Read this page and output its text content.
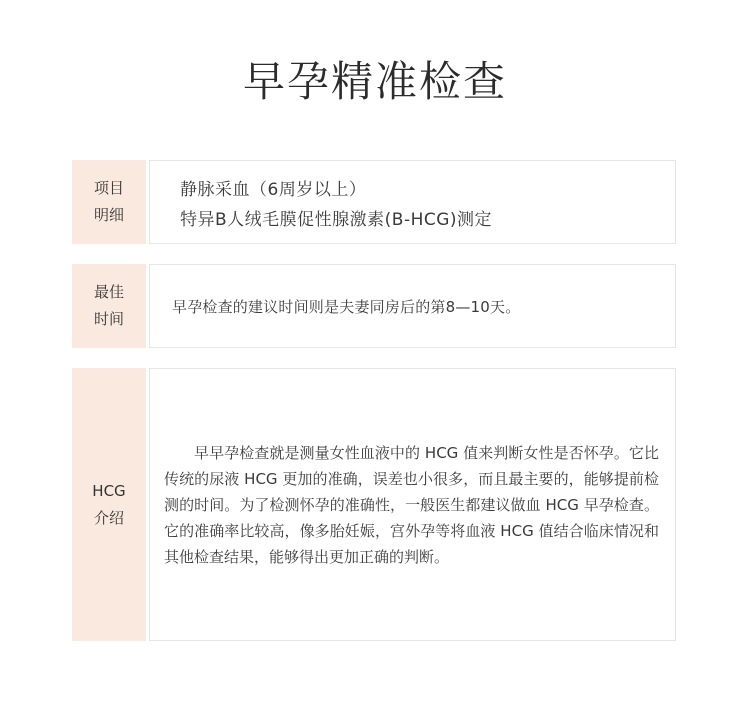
早孕精准检查
项目
明细
静脉采血（6周岁以上）
特异B人绒毛膜促性腺激素(B-HCG)测定
最佳
时间
早孕检查的建议时间则是夫妻同房后的第8—10天。
HCG
介绍

早早孕检查就是测量女性血液中的 HCG 值来判断女性是否怀孕。它比传统的尿液 HCG 更加的准确，误差也小很多，而且最主要的，能够提前检测的时间。为了检测怀孕的准确性，一般医生都建议做血 HCG 早孕检查。它的准确率比较高，像多胎妊娠，宫外孕等将血液 HCG 值结合临床情况和其他检查结果，能够得出更加正确的判断。
